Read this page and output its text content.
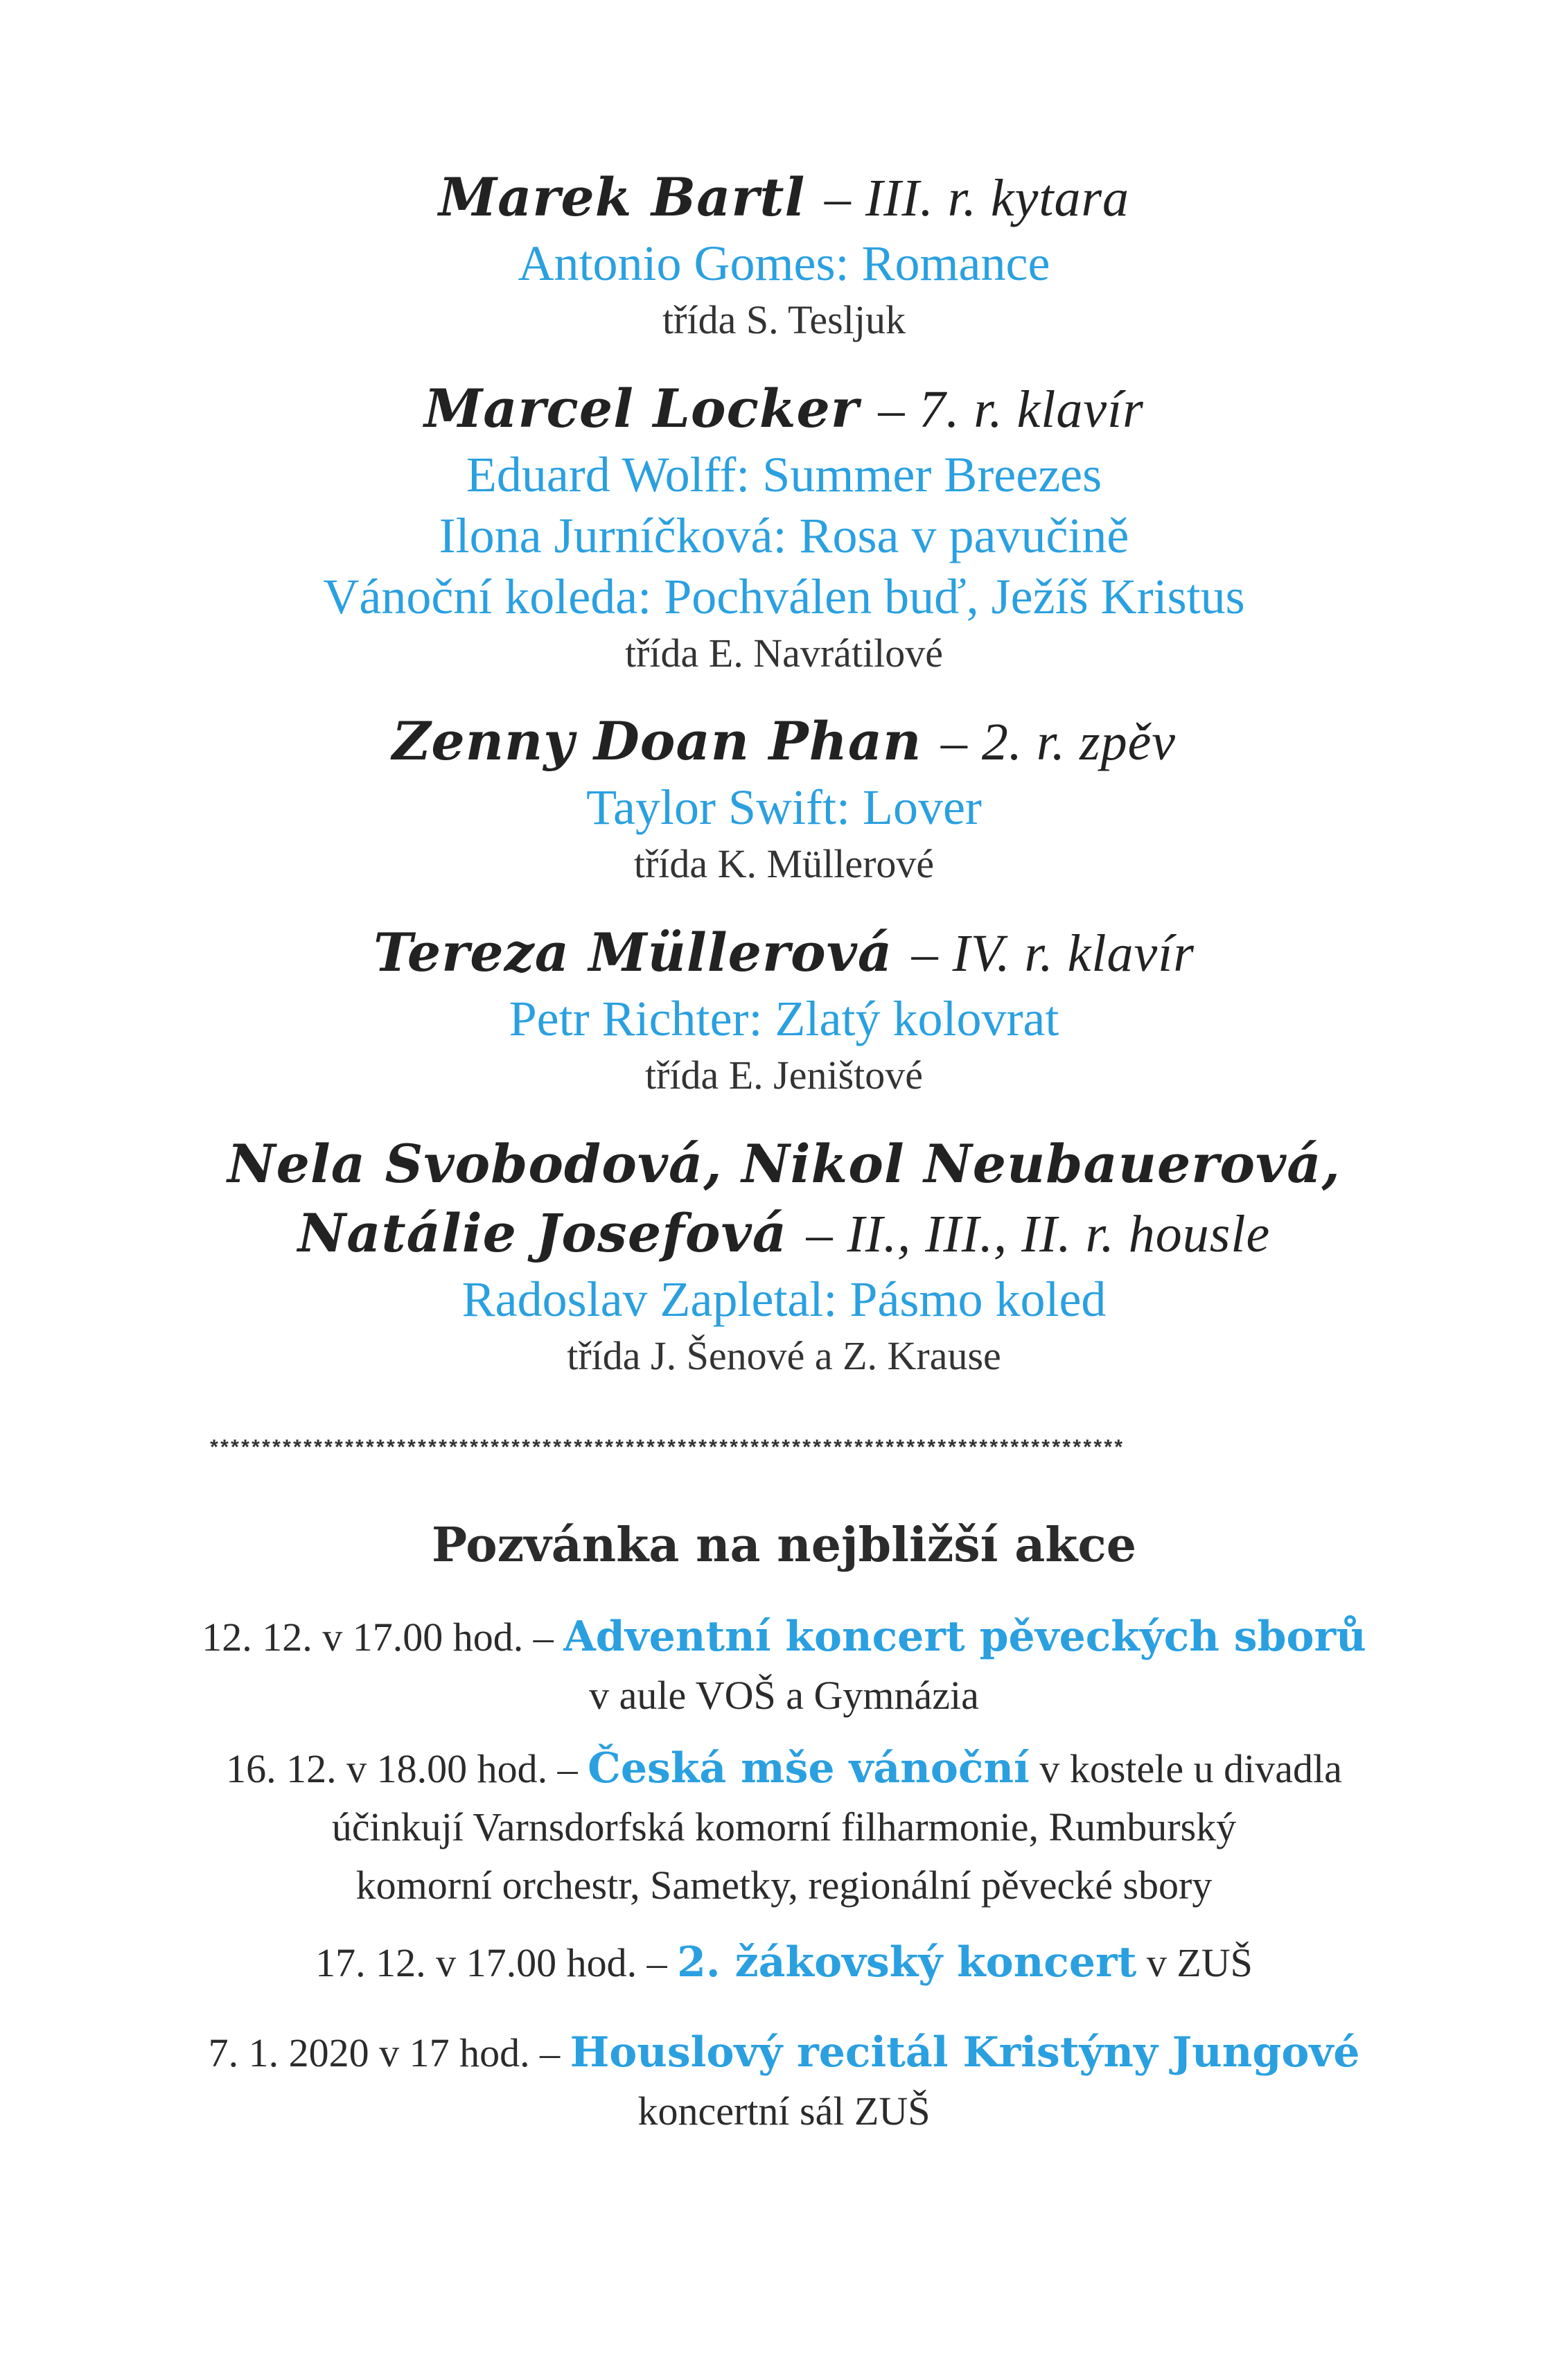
Marek Bartl – III. r. kytara
Antonio Gomes: Romance
třída S. Tesljuk
Marcel Locker – 7. r. klavír
Eduard Wolff: Summer Breezes
Ilona Jurníčková: Rosa v pavučině
Vánoční koleda: Pochválen buď, Ježíš Kristus
třída E. Navrátilové
Zenny Doan Phan – 2. r. zpěv
Taylor Swift: Lover
třída K. Müllerové
Tereza Müllerová – IV. r. klavír
Petr Richter: Zlatý kolovrat
třída E. Jeništové
Nela Svobodová, Nikol Neubauerová,
Natálie Josefová – II., III., II. r. housle
Radoslav Zapletal: Pásmo koled
třída J. Šenové a Z. Krause
****************************************************************************************
Pozvánka na nejbližší akce
12. 12. v 17.00 hod. – Adventní koncert pěveckých sborů
v aule VOŠ a Gymnázia
16. 12. v 18.00 hod. – Česká mše vánoční v kostele u divadla
účinkují Varnsdorfská komorní filharmonie, Rumburský
komorní orchestr, Sametky, regionální pěvecké sbory
17. 12. v 17.00 hod. – 2. žákovský koncert v ZUŠ
7. 1. 2020 v 17 hod. – Houslový recitál Kristýny Jungové
koncertní sál ZUŠ
